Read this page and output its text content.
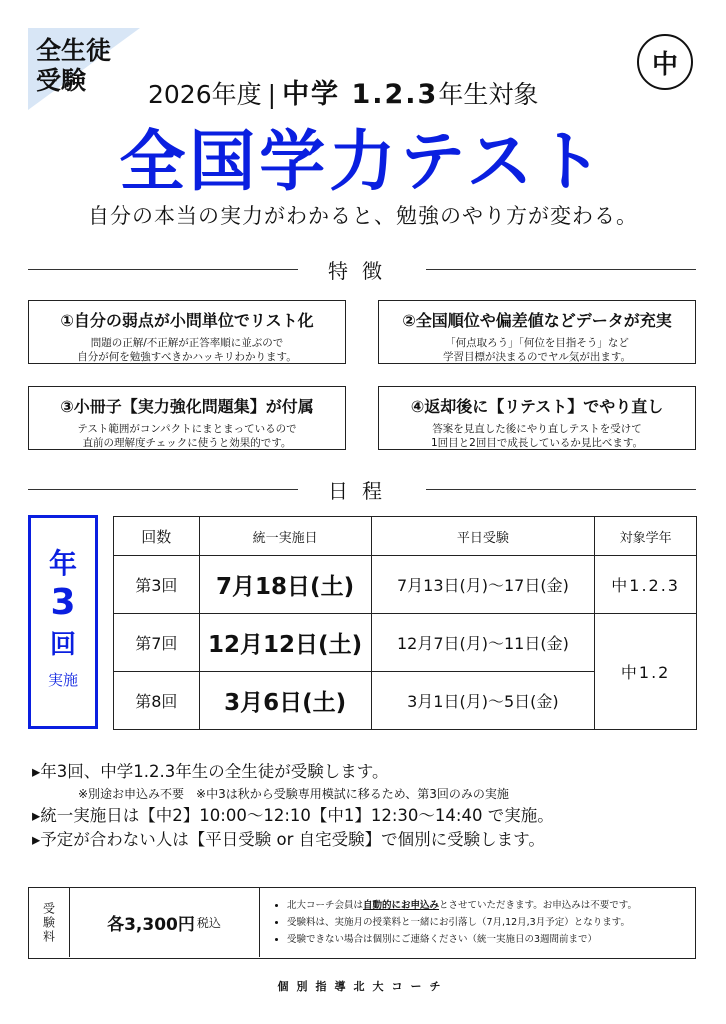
全生徒
受験
中
2026年度 | 中学 1.2.3年生対象
全国学力テスト
自分の本当の実力がわかると、勉強のやり方が変わる。
特徴
①自分の弱点が小問単位でリスト化
問題の正解/不正解が正答率順に並ぶので
自分が何を勉強すべきかハッキリわかります。
②全国順位や偏差値などデータが充実
「何点取ろう」「何位を目指そう」など
学習目標が決まるのでヤル気が出ます。
③小冊子【実力強化問題集】が付属
テスト範囲がコンパクトにまとまっているので
直前の理解度チェックに使うと効果的です。
④返却後に【リテスト】でやり直し
答案を見直した後にやり直しテストを受けて
1回目と2回目で成長しているか見比べます。
日程
年
3
回
実施
回数	統一実施日	平日受験	対象学年
第3回	7月18日(土)	7月13日(月)〜17日(金)	中1.2.3
第7回	12月12日(土)	12月7日(月)〜11日(金)	中1.2
第8回	3月6日(土)	3月1日(月)〜5日(金)	
▸年3回、中学1.2.3年生の全生徒が受験します。
※別途お申込み不要　※中3は秋から受験専用模試に移るため、第3回のみの実施
▸統一実施日は【中2】10:00〜12:10【中1】12:30〜14:40 で実施。
▸予定が合わない人は【平日受験 or 自宅受験】で個別に受験します。
受験料	各3,300円 税込
• 北大コーチ会員は自動的にお申込みとさせていただきます。お申込みは不要です。
• 受験料は、実施月の授業料と一緒にお引落し（7月,12月,3月予定）となります。
• 受験できない場合は個別にご連絡ください（統一実施日の3週間前まで）
個別指導北大コーチ
